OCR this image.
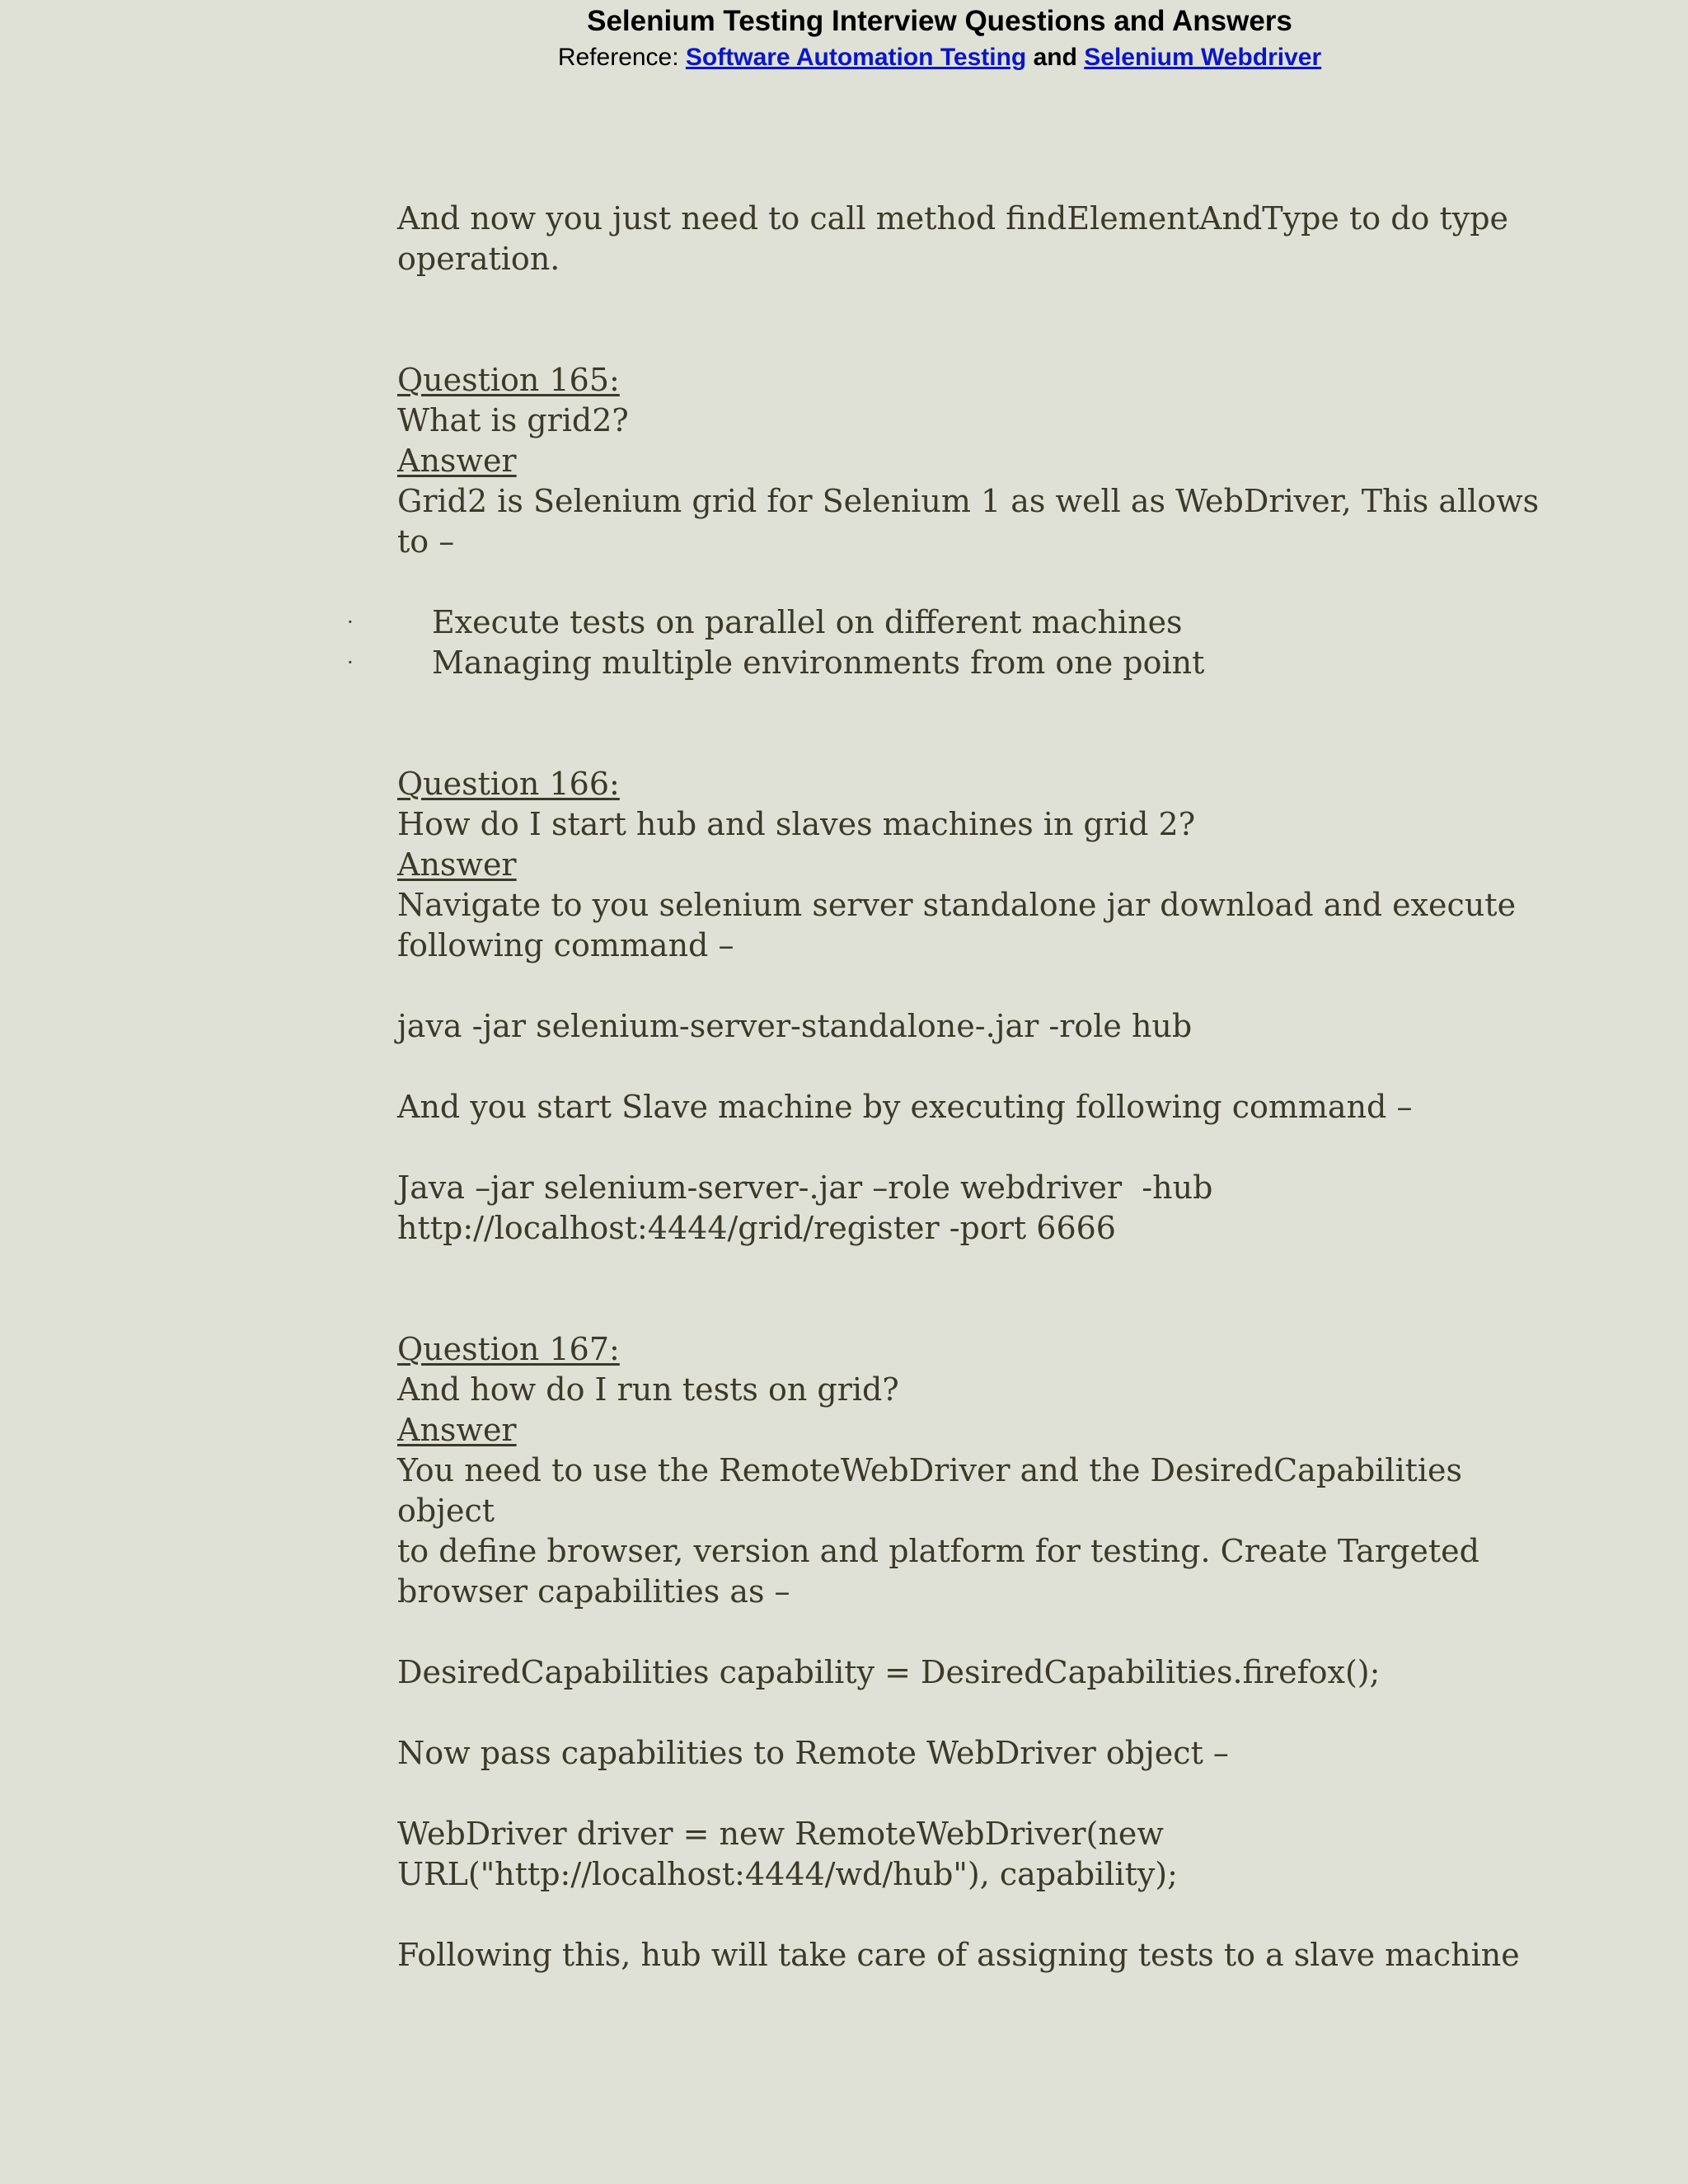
Selenium Testing Interview Questions and Answers
Reference: Software Automation Testing and Selenium Webdriver

And now you just need to call method findElementAndType to do type

operation.

Question 165:

What is grid2?

Answer

Grid2 is Selenium grid for Selenium 1 as well as WebDriver, This allows to –

·	Execute tests on parallel on different machines
·	Managing multiple environments from one point

Question 166:

How do I start hub and slaves machines in grid 2?

Answer

Navigate to you selenium server standalone jar download and execute

following command –

java -jar selenium-server-standalone-.jar -role hub

And you start Slave machine by executing following command –

Java –jar selenium-server-.jar –role webdriver  -hub

http://localhost:4444/grid/register -port 6666

Question 167:

And how do I run tests on grid?

Answer

You need to use the RemoteWebDriver and the DesiredCapabilities object

to define browser, version and platform for testing. Create Targeted

browser capabilities as –

DesiredCapabilities capability = DesiredCapabilities.firefox();

Now pass capabilities to Remote WebDriver object –

WebDriver driver = new RemoteWebDriver(new

URL("http://localhost:4444/wd/hub"), capability);

Following this, hub will take care of assigning tests to a slave machine
